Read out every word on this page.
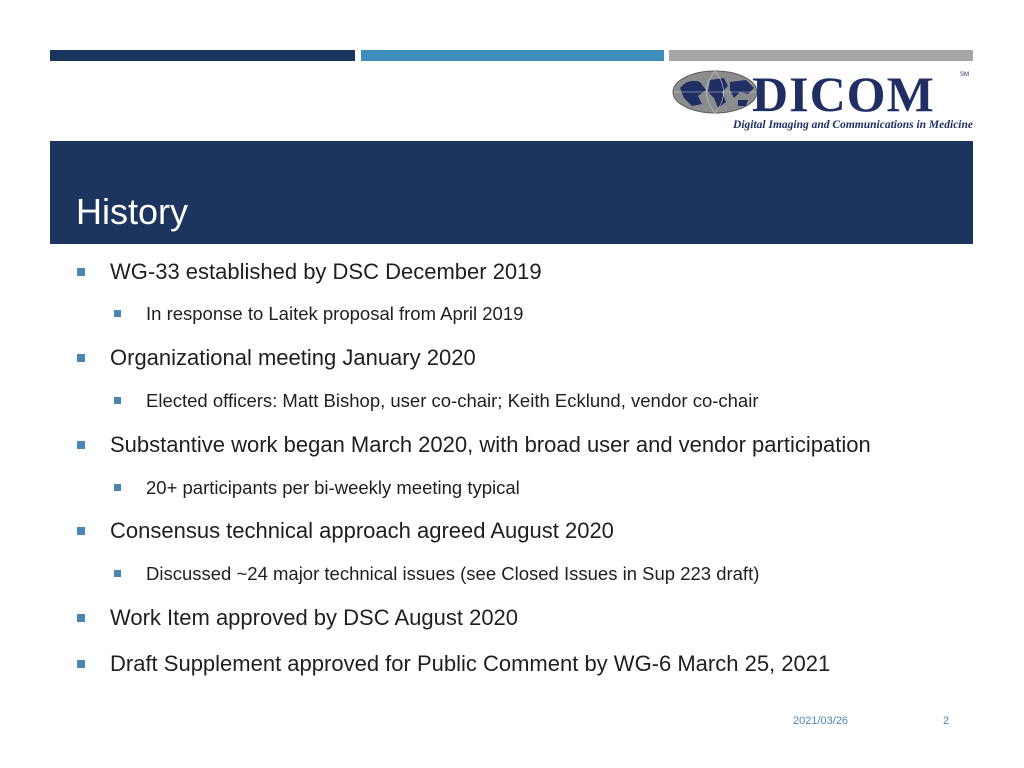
DICOM	SM
Digital Imaging and Communications in Medicine
History
WG-33 established by DSC December 2019
In response to Laitek proposal from April 2019
Organizational meeting January 2020
Elected officers: Matt Bishop, user co-chair; Keith Ecklund, vendor co-chair
Substantive work began March 2020, with broad user and vendor participation
20+ participants per bi-weekly meeting typical
Consensus technical approach agreed August 2020
Discussed ~24 major technical issues (see Closed Issues in Sup 223 draft)
Work Item approved by DSC August 2020
Draft Supplement approved for Public Comment by WG-6 March 25, 2021
2021/03/26	2
